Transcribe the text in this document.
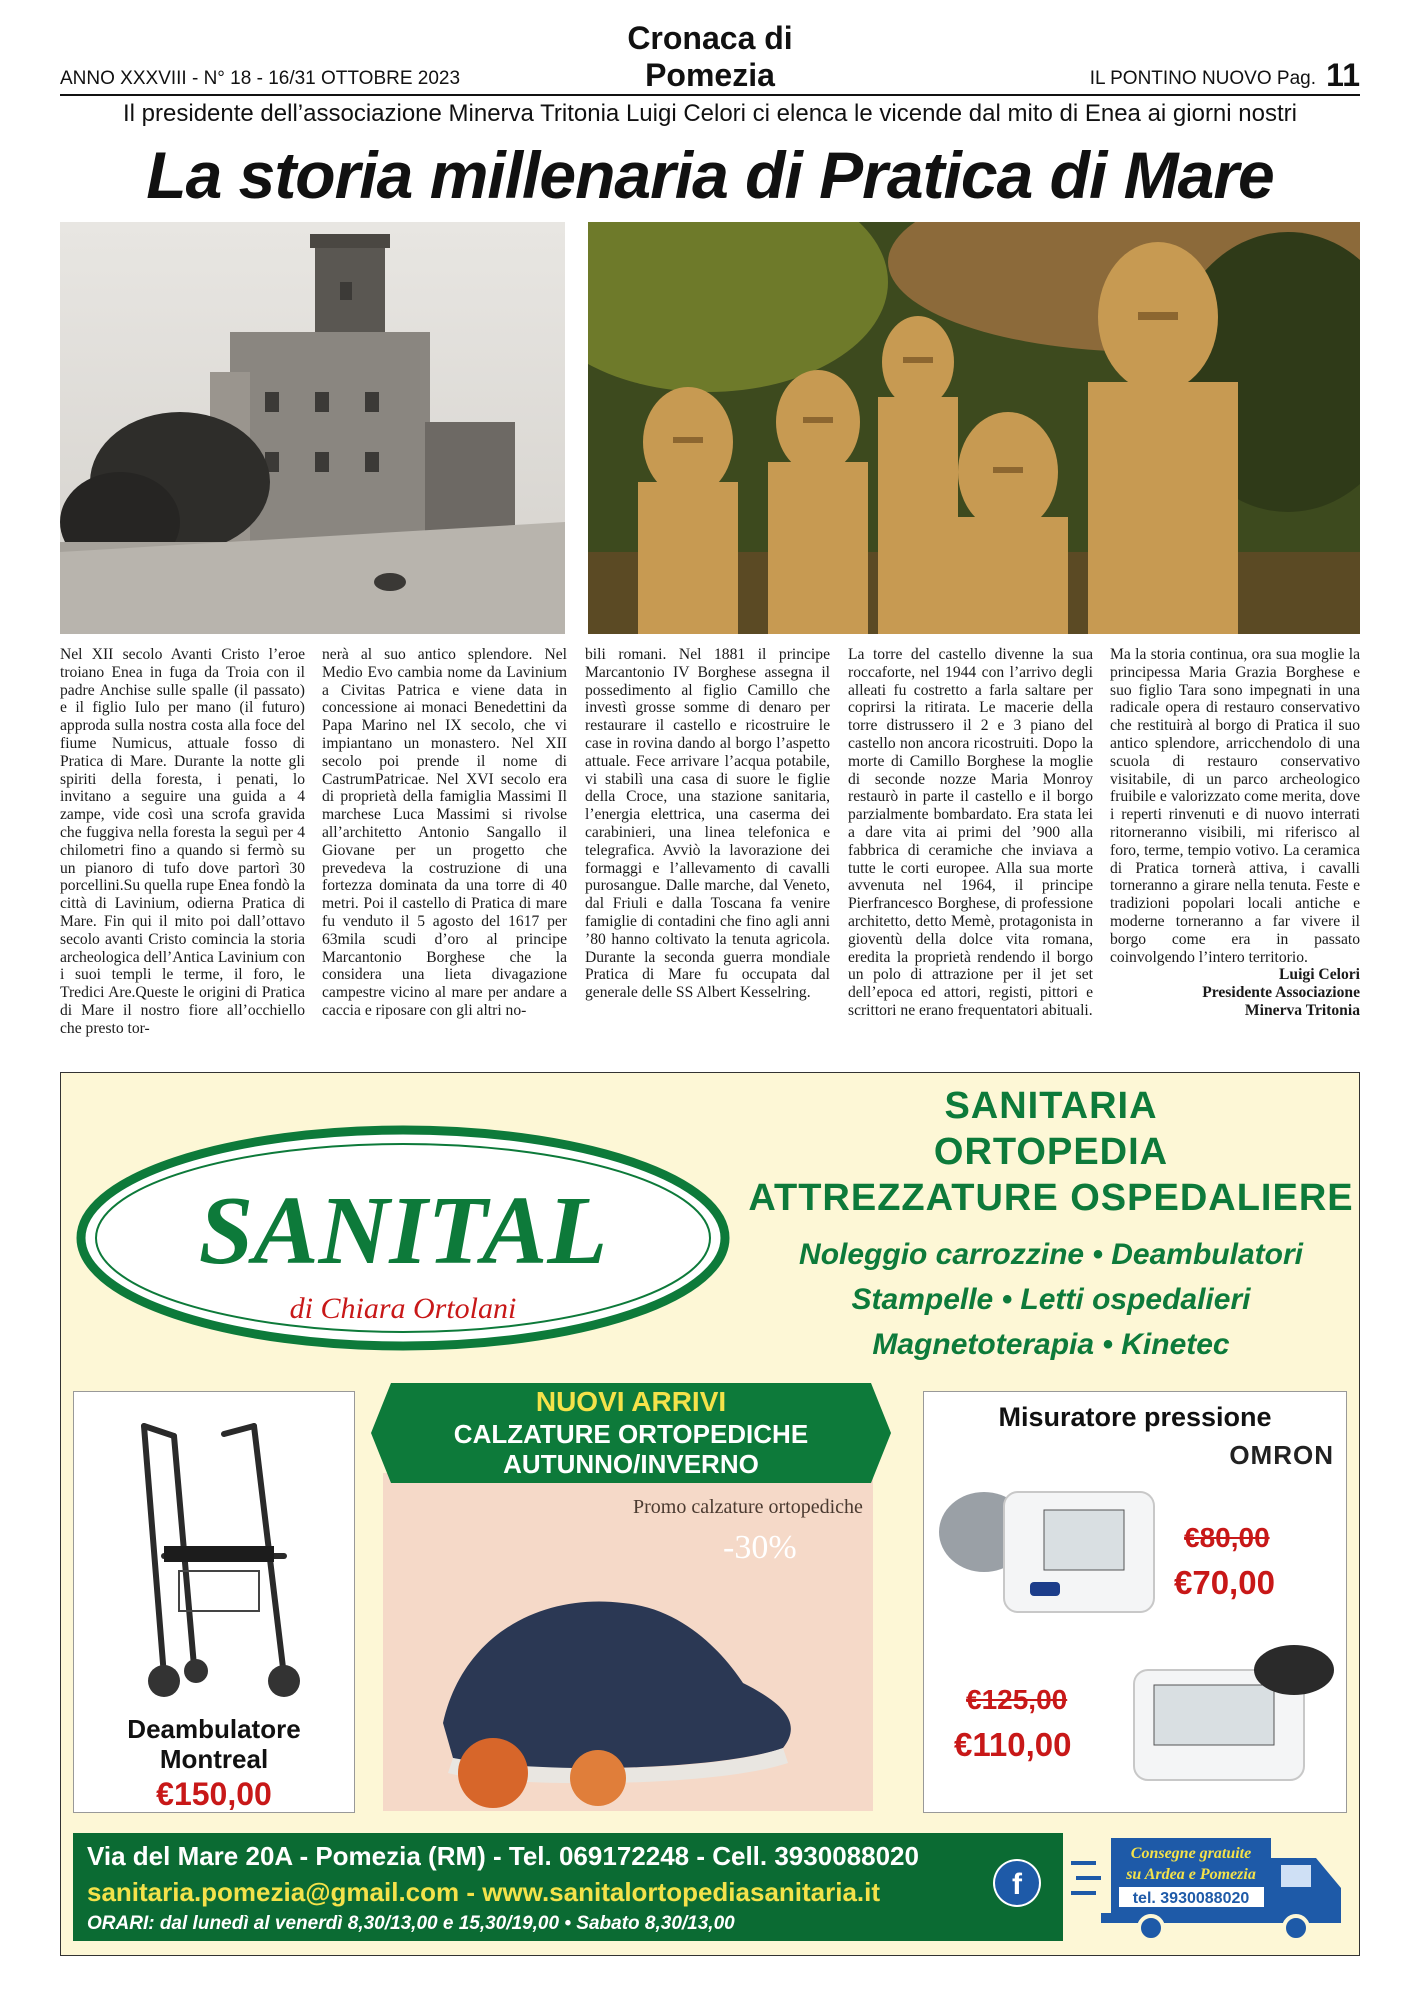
ANNO XXXVIII - N° 18 - 16/31 OTTOBRE 2023
Cronaca di Pomezia	IL PONTINO NUOVO Pag. 11
Il presidente dell’associazione Minerva Tritonia Luigi Celori ci elenca le vicende dal mito di Enea ai giorni nostri
La storia millenaria di Pratica di Mare

Nel XII secolo Avanti Cristo l’eroe troiano Enea in fuga da Troia con il padre Anchise sulle spalle (il passato) e il figlio Iulo per mano (il futuro) approda sulla nostra costa alla foce del fiume Numicus, attuale fosso di Pratica di Mare. Durante la notte gli spiriti della foresta, i penati, lo invitano a seguire una guida a 4 zampe, vide così una scrofa gravida che fuggiva nella foresta la seguì per 4 chilometri fino a quando si fermò su un pianoro di tufo dove partorì 30 porcellini.Su quella rupe Enea fondò la città di Lavinium, odierna Pratica di Mare. Fin qui il mito poi dall’ottavo secolo avanti Cristo comincia la storia archeologica dell’Antica Lavinium con i suoi templi le terme, il foro, le Tredici Are.Queste le origini di Pratica di Mare il nostro fiore all’occhiello che presto tor-

nerà al suo antico splendore. Nel Medio Evo cambia nome da Lavinium a Civitas Patrica e viene data in concessione ai monaci Benedettini da Papa Marino nel IX secolo, che vi impiantano un monastero. Nel XII secolo poi prende il nome di CastrumPatricae. Nel XVI secolo era di proprietà della famiglia Massimi Il marchese Luca Massimi si rivolse all’architetto Antonio Sangallo il Giovane per un progetto che prevedeva la costruzione di una fortezza dominata da una torre di 40 metri. Poi il castello di Pratica di mare fu venduto il 5 agosto del 1617 per 63mila scudi d’oro al principe Marcantonio Borghese che la considera una lieta divagazione campestre vicino al mare per andare a caccia e riposare con gli altri no-

bili romani. Nel 1881 il principe Marcantonio IV Borghese assegna il possedimento al figlio Camillo che investì grosse somme di denaro per restaurare il castello e ricostruire le case in rovina dando al borgo l’aspetto attuale. Fece arrivare l’acqua potabile, vi stabilì una casa di suore le figlie della Croce, una stazione sanitaria, l’energia elettrica, una caserma dei carabinieri, una linea telefonica e telegrafica. Avviò la lavorazione dei formaggi e l’allevamento di cavalli purosangue. Dalle marche, dal Veneto, dal Friuli e dalla Toscana fa venire famiglie di contadini che fino agli anni ’80 hanno coltivato la tenuta agricola. Durante la seconda guerra mondiale Pratica di Mare fu occupata dal generale delle SS Albert Kesselring.

La torre del castello divenne la sua roccaforte, nel 1944 con l’arrivo degli alleati fu costretto a farla saltare per coprirsi la ritirata. Le macerie della torre distrussero il 2 e 3 piano del castello non ancora ricostruiti. Dopo la morte di Camillo Borghese la moglie di seconde nozze Maria Monroy restaurò in parte il castello e il borgo parzialmente bombardato. Era stata lei a dare vita ai primi del ’900 alla fabbrica di ceramiche che inviava a tutte le corti europee. Alla sua morte avvenuta nel 1964, il principe Pierfrancesco Borghese, di professione architetto, detto Memè, protagonista in gioventù della dolce vita romana, eredita la proprietà rendendo il borgo un polo di attrazione per il jet set dell’epoca ed attori, registi, pittori e scrittori ne erano frequentatori abituali.

Ma la storia continua, ora sua moglie la principessa Maria Grazia Borghese e suo figlio Tara sono impegnati in una radicale opera di restauro conservativo che restituirà al borgo di Pratica il suo antico splendore, arricchendolo di una scuola di restauro conservativo visitabile, di un parco archeologico fruibile e valorizzato come merita, dove i reperti rinvenuti e di nuovo interrati ritorneranno visibili, mi riferisco al foro, terme, tempio votivo. La ceramica di Pratica tornerà attiva, i cavalli torneranno a girare nella tenuta. Feste e tradizioni popolari locali antiche e moderne torneranno a far vivere il borgo come era in passato coinvolgendo l’intero territorio.

Luigi Celori

Presidente Associazione

Minerva Tritonia

SANITAL
di Chiara Ortolani
SANITARIA
ORTOPEDIA
ATTREZZATURE OSPEDALIERE
Noleggio carrozzine • Deambulatori
Stampelle • Letti ospedalieri
Magnetoterapia • Kinetec
Deambulatore
Montreal
€150,00
-30%
Promo calzature ortopediche
NUOVI ARRIVI
CALZATURE ORTOPEDICHE
AUTUNNO/INVERNO
Misuratore pressione
OMRON
€80,00
€70,00
€125,00
€110,00
Via del Mare 20A - Pomezia (RM) - Tel. 069172248 - Cell. 3930088020
sanitaria.pomezia@gmail.com - www.sanitalortopediasanitaria.it
ORARI: dal lunedì al venerdì 8,30/13,00 e 15,30/19,00 • Sabato 8,30/13,00
f
Consegne gratuite
su Ardea e Pomezia
tel. 3930088020
